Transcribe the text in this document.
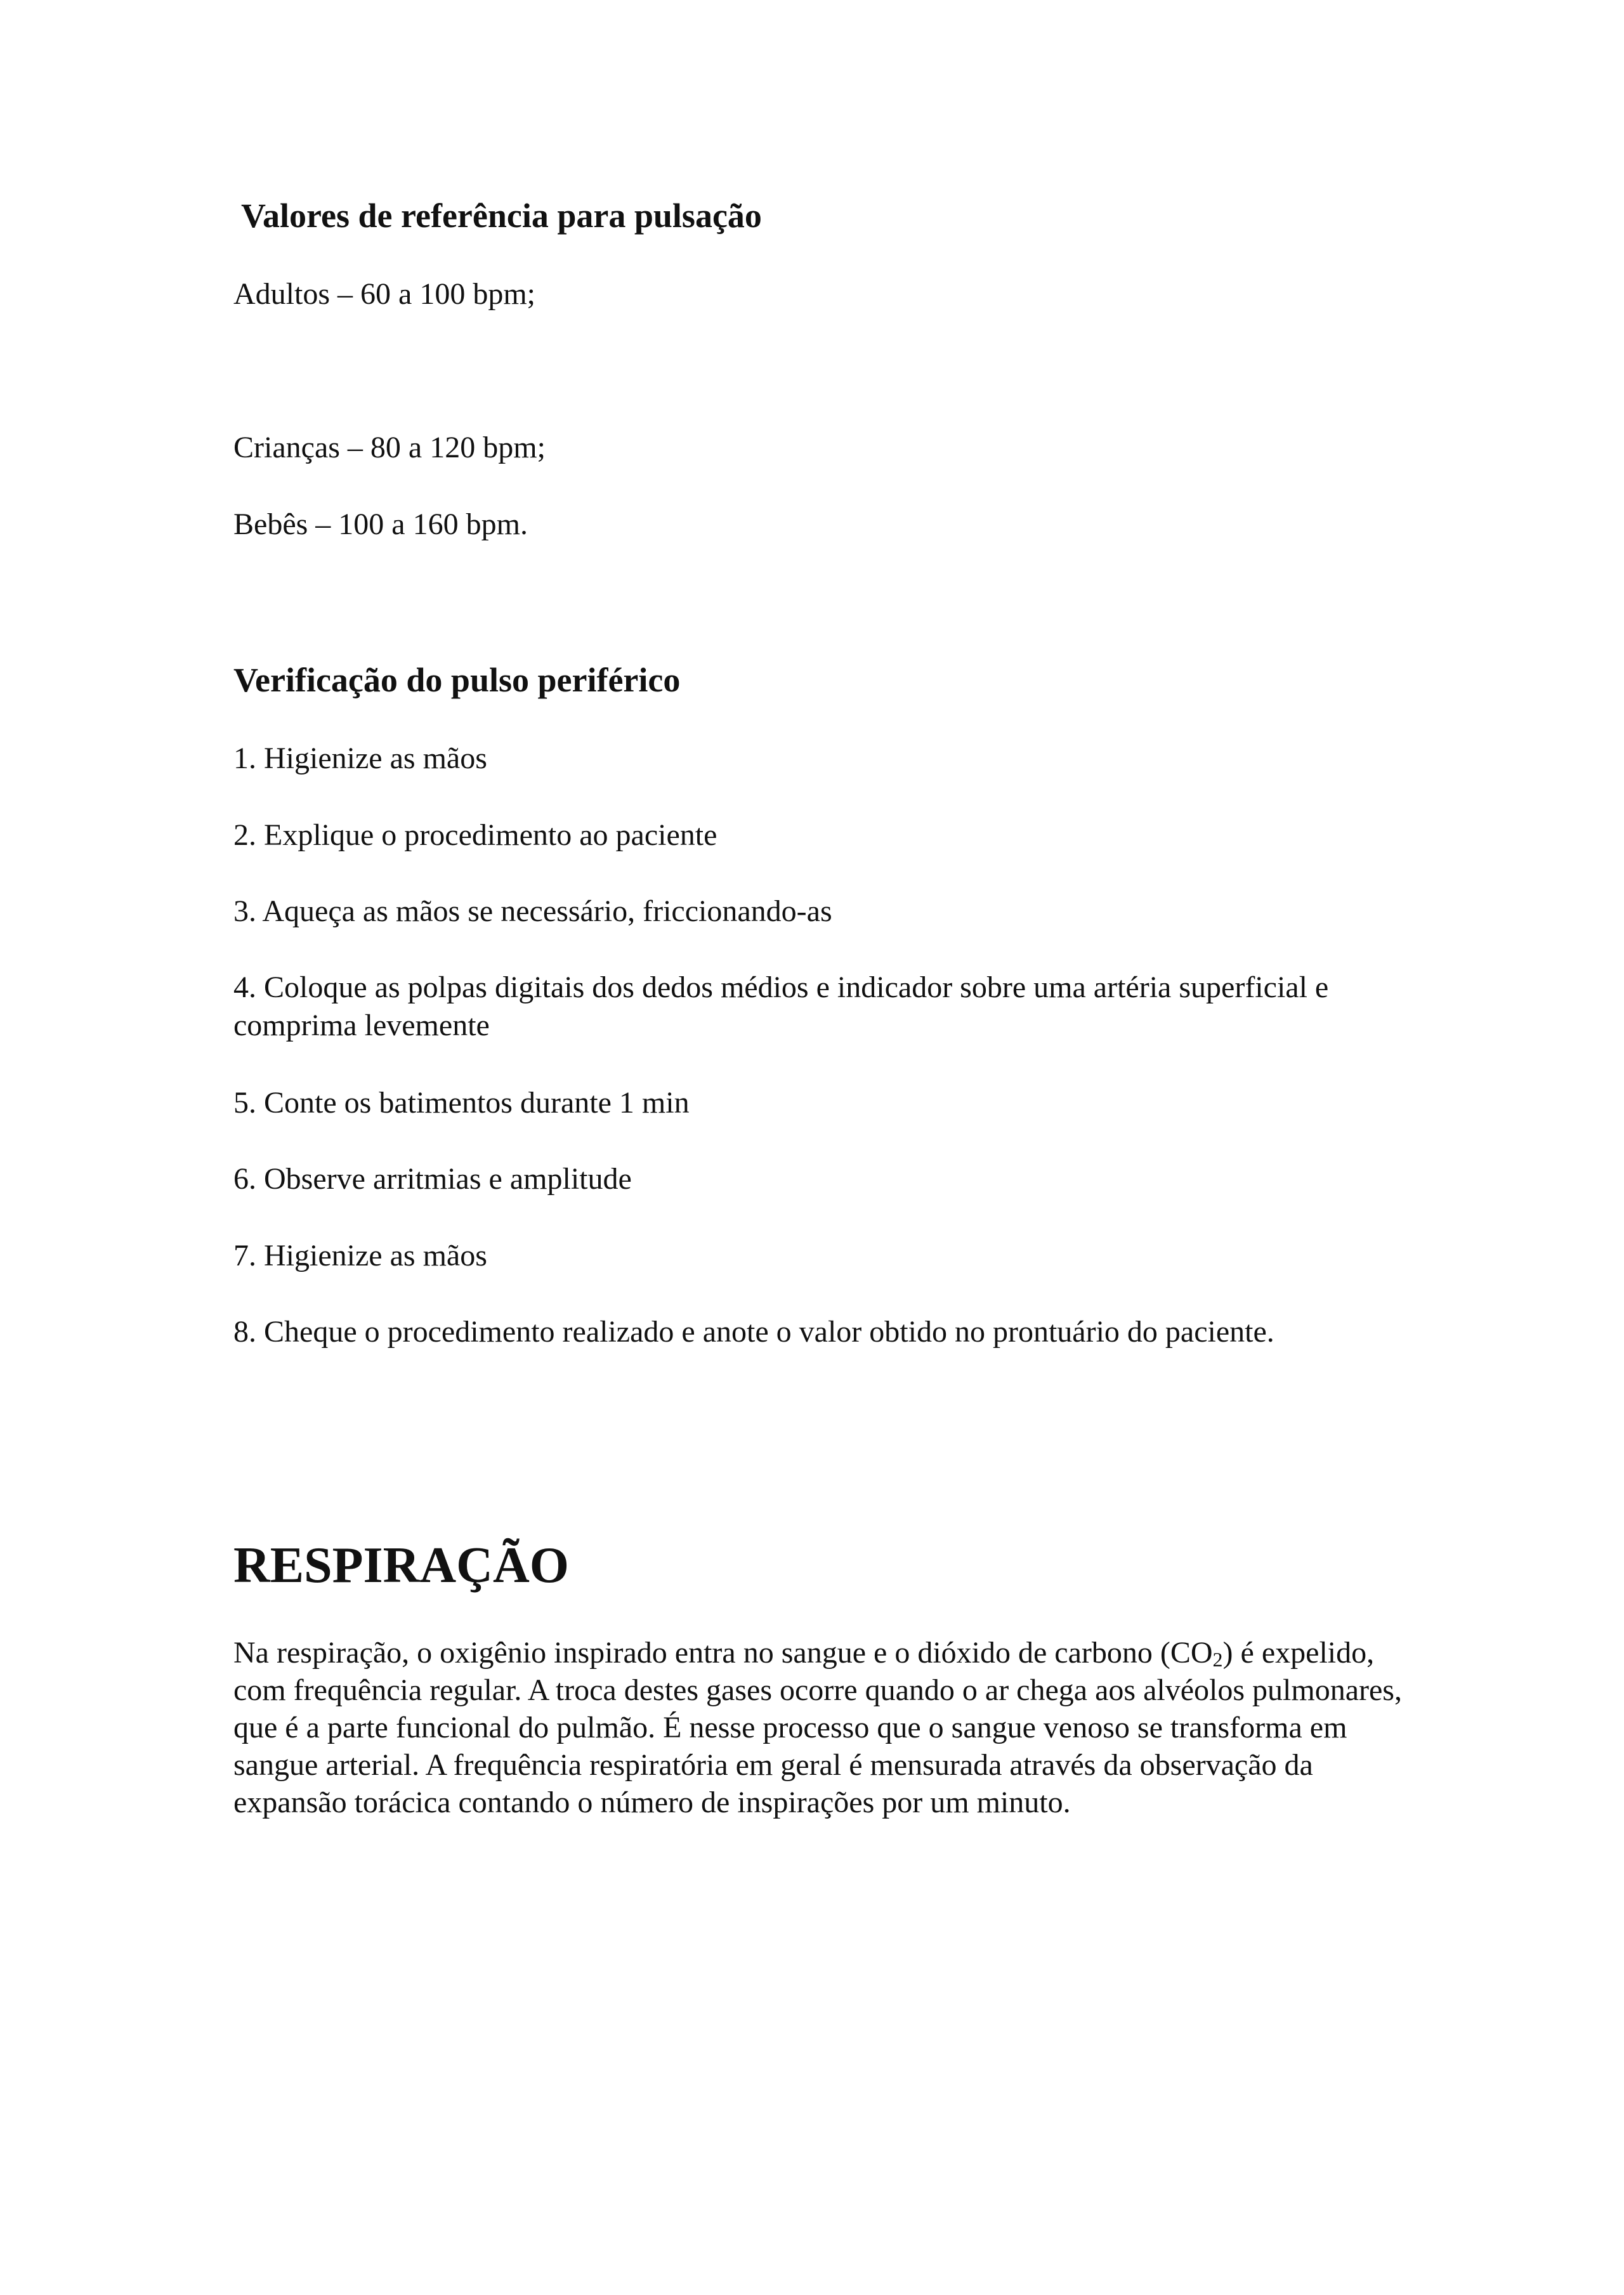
Valores de referência para pulsação

Adultos – 60 a 100 bpm;

Crianças – 80 a 120 bpm;

Bebês – 100 a 160 bpm.

Verificação do pulso periférico

1. Higienize as mãos

2. Explique o procedimento ao paciente

3. Aqueça as mãos se necessário, friccionando-as

4. Coloque as polpas digitais dos dedos médios e indicador sobre uma artéria superficial e comprima levemente

5. Conte os batimentos durante 1 min

6. Observe arritmias e amplitude

7. Higienize as mãos

8. Cheque o procedimento realizado e anote o valor obtido no prontuário do paciente.

RESPIRAÇÃO

Na respiração, o oxigênio inspirado entra no sangue e o dióxido de carbono $(CO_2)$ é expelido, com frequência regular. A troca destes gases ocorre quando o ar chega aos alvéolos pulmonares, que é a parte funcional do pulmão. É nesse processo que o sangue venoso se transforma em sangue arterial. A frequência respiratória em geral é mensurada através da observação da expansão torácica contando o número de inspirações por um minuto.
